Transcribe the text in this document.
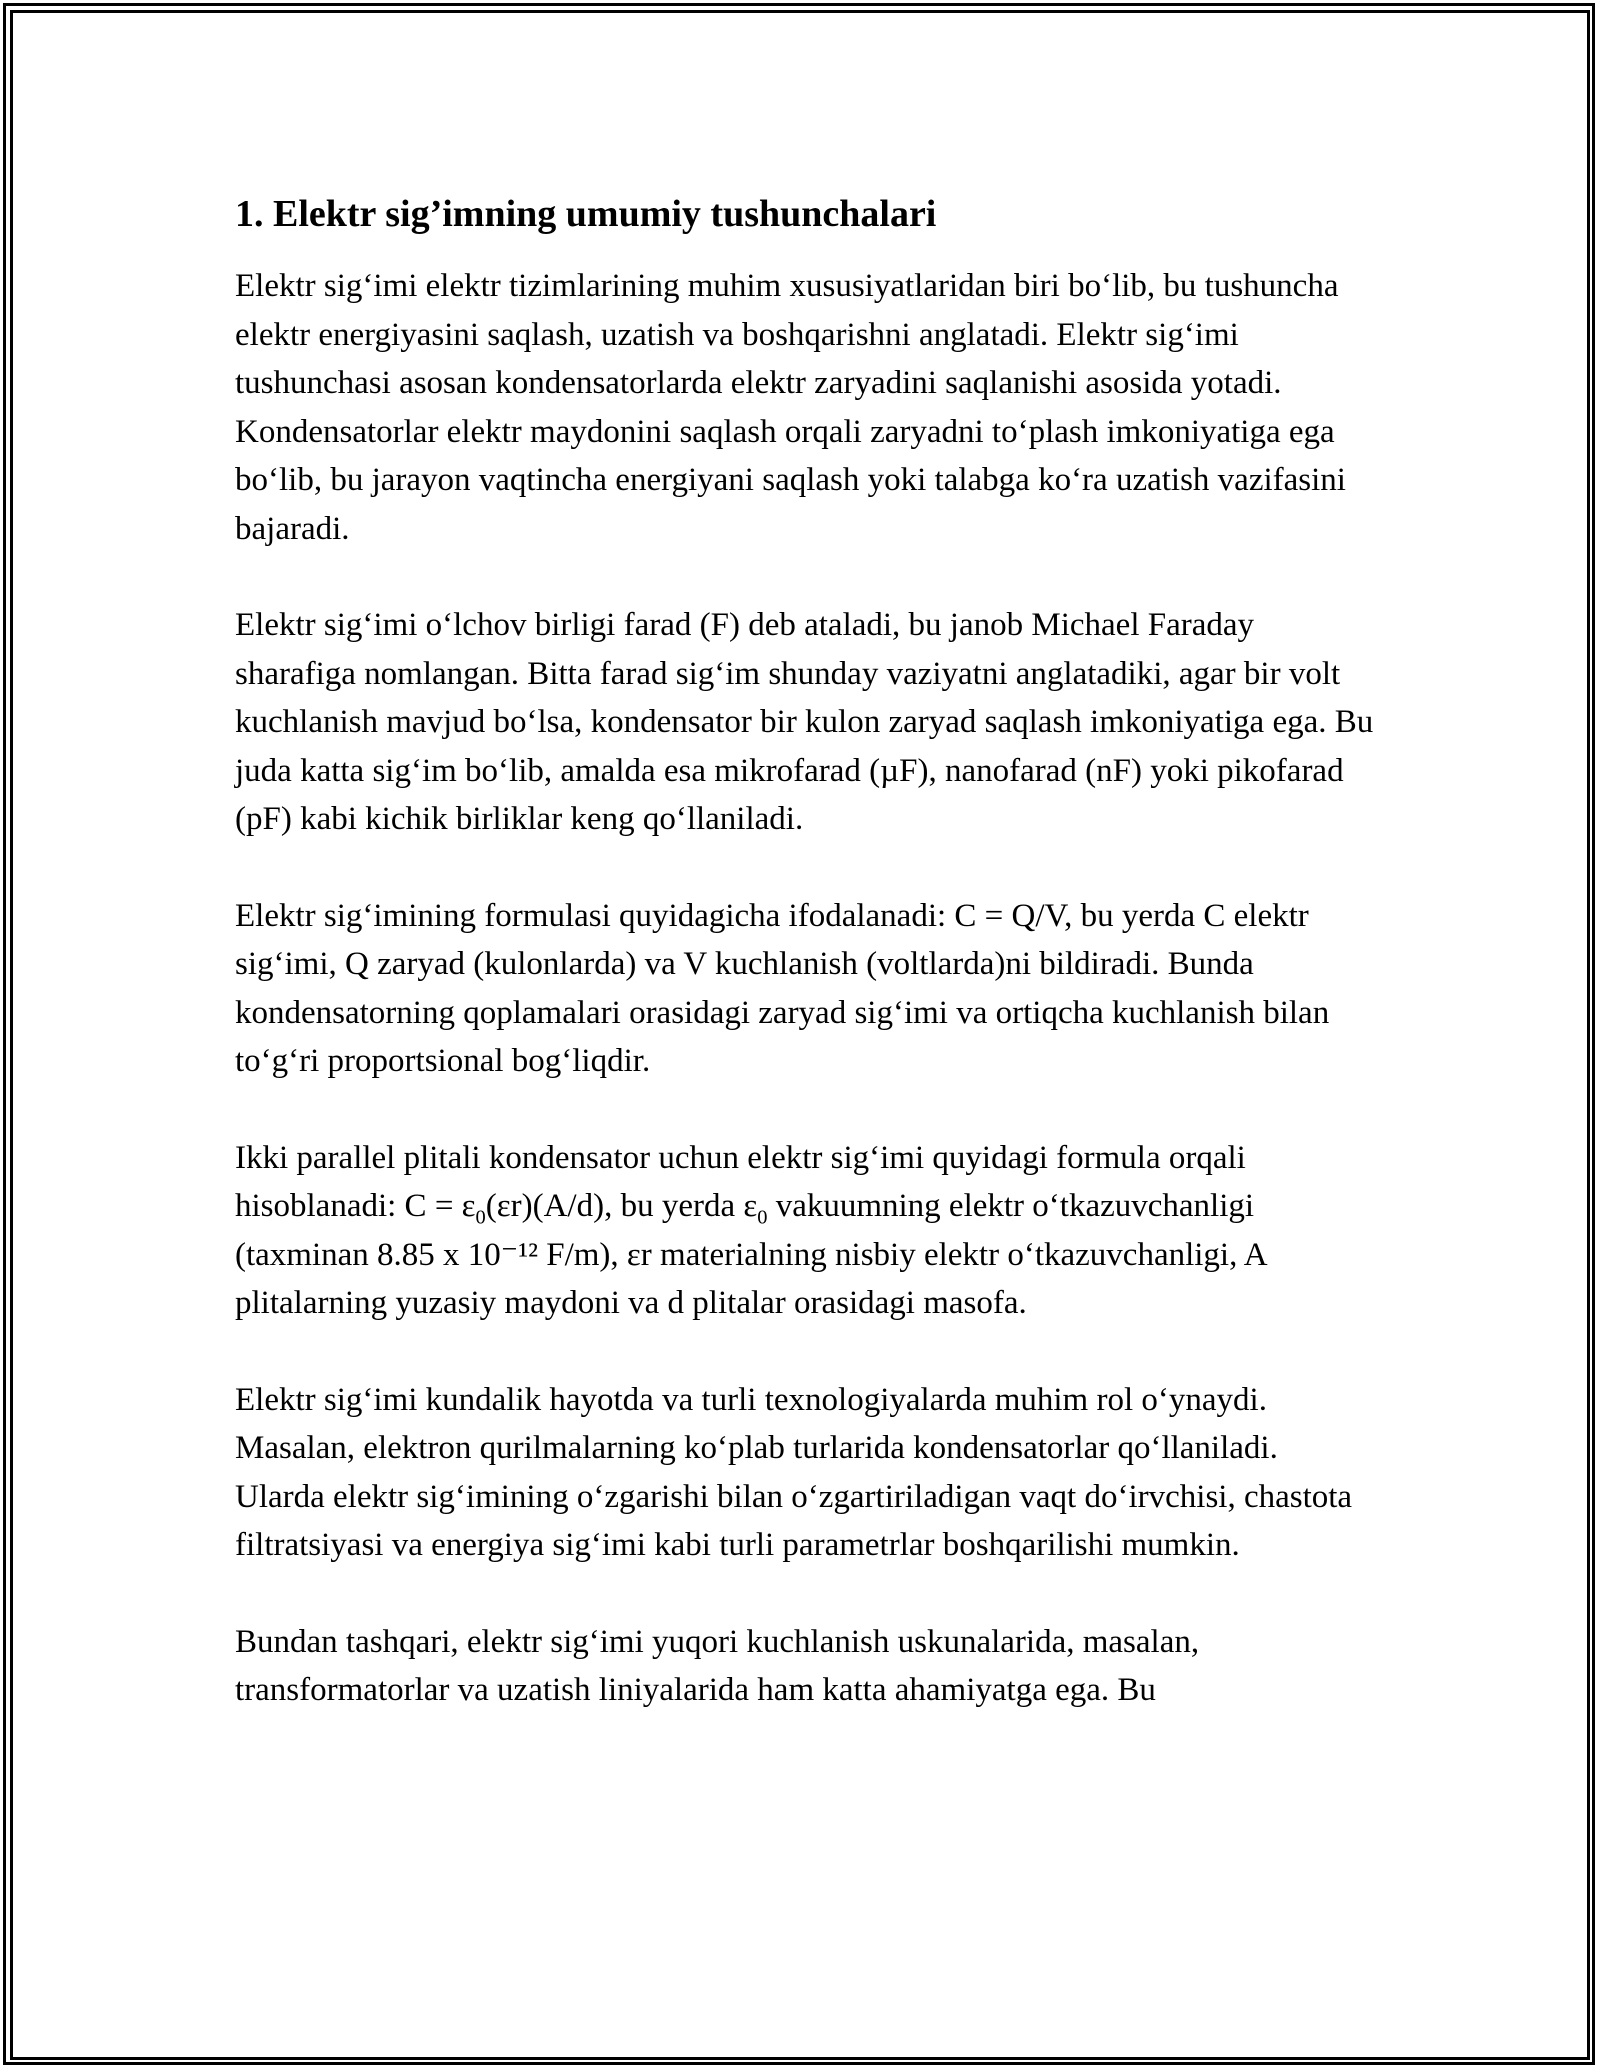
1. Elektr sig’imning umumiy tushunchalari

Elektr sig‘imi elektr tizimlarining muhim xususiyatlaridan biri bo‘lib, bu tushuncha elektr energiyasini saqlash, uzatish va boshqarishni anglatadi. Elektr sig‘imi tushunchasi asosan kondensatorlarda elektr zaryadini saqlanishi asosida yotadi. Kondensatorlar elektr maydonini saqlash orqali zaryadni to‘plash imkoniyatiga ega bo‘lib, bu jarayon vaqtincha energiyani saqlash yoki talabga ko‘ra uzatish vazifasini bajaradi.

Elektr sig‘imi o‘lchov birligi farad (F) deb ataladi, bu janob Michael Faraday sharafiga nomlangan. Bitta farad sig‘im shunday vaziyatni anglatadiki, agar bir volt kuchlanish mavjud bo‘lsa, kondensator bir kulon zaryad saqlash imkoniyatiga ega. Bu juda katta sig‘im bo‘lib, amalda esa mikrofarad (µF), nanofarad (nF) yoki pikofarad (pF) kabi kichik birliklar keng qo‘llaniladi.

Elektr sig‘imining formulasi quyidagicha ifodalanadi: C = Q/V, bu yerda C elektr sig‘imi, Q zaryad (kulonlarda) va V kuchlanish (voltlarda)ni bildiradi. Bunda kondensatorning qoplamalari orasidagi zaryad sig‘imi va ortiqcha kuchlanish bilan to‘g‘ri proportsional bog‘liqdir.

Ikki parallel plitali kondensator uchun elektr sig‘imi quyidagi formula orqali hisoblanadi: $C = \varepsilon_0(\varepsilon r)(A/d)$, bu yerda $\varepsilon_0$ vakuumning elektr o‘tkazuvchanligi (taxminan 8.85 x 10⁻¹² F/m), εr materialning nisbiy elektr o‘tkazuvchanligi, A plitalarning yuzasiy maydoni va d plitalar orasidagi masofa.

Elektr sig‘imi kundalik hayotda va turli texnologiyalarda muhim rol o‘ynaydi. Masalan, elektron qurilmalarning ko‘plab turlarida kondensatorlar qo‘llaniladi. Ularda elektr sig‘imining o‘zgarishi bilan o‘zgartiriladigan vaqt do‘irvchisi, chastota filtratsiyasi va energiya sig‘imi kabi turli parametrlar boshqarilishi mumkin.

Bundan tashqari, elektr sig‘imi yuqori kuchlanish uskunalarida, masalan, transformatorlar va uzatish liniyalarida ham katta ahamiyatga ega. Bu
